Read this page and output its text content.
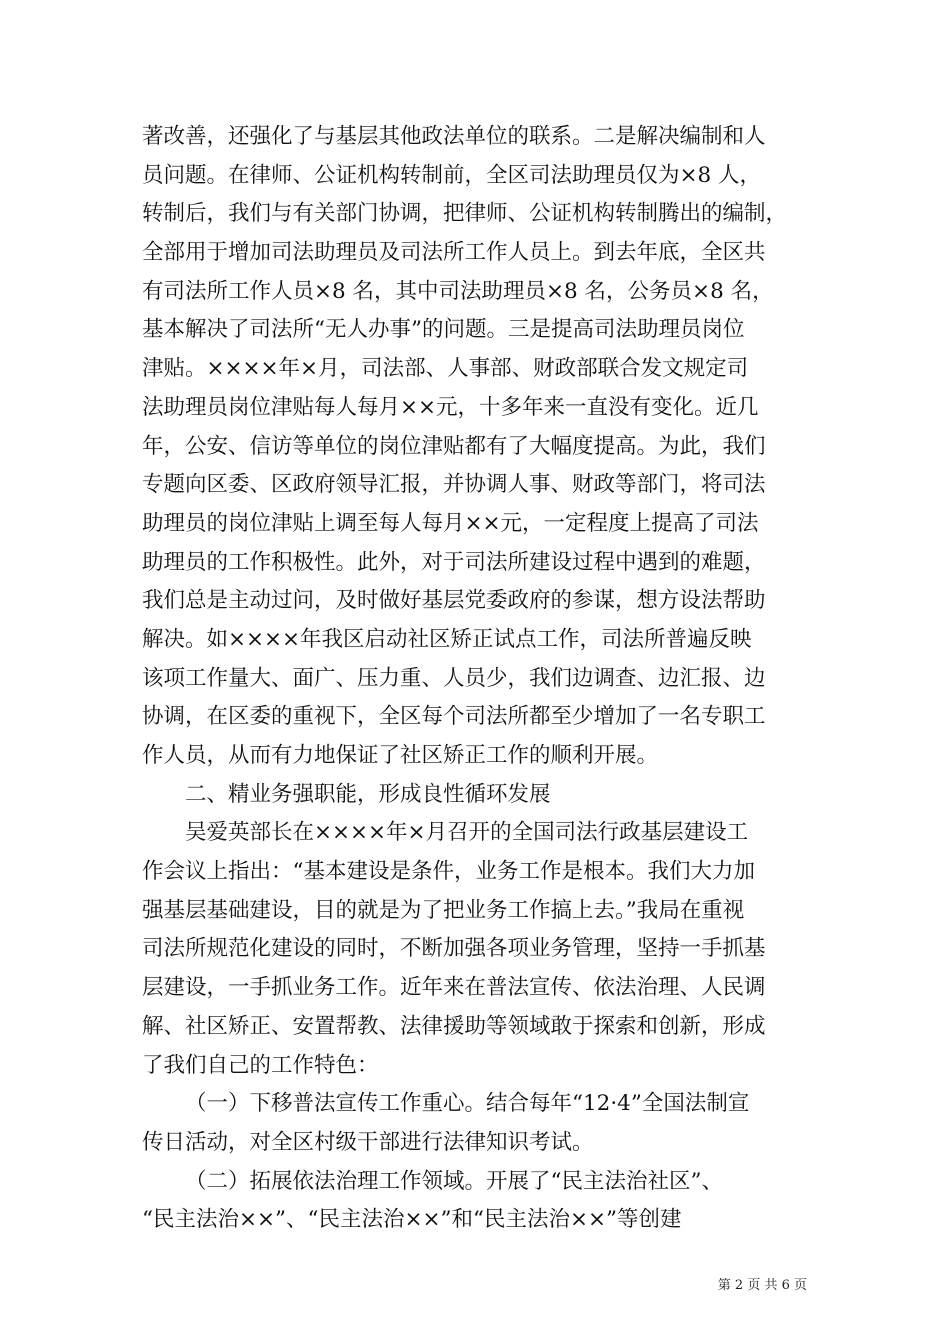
著改善，还强化了与基层其他政法单位的联系。二是解决编制和人
员问题。在律师、公证机构转制前，全区司法助理员仅为×8 人，
转制后，我们与有关部门协调，把律师、公证机构转制腾出的编制，
全部用于增加司法助理员及司法所工作人员上。到去年底，全区共
有司法所工作人员×8 名，其中司法助理员×8 名，公务员×8 名，
基本解决了司法所“无人办事”的问题。三是提高司法助理员岗位
津贴。××××年×月，司法部、人事部、财政部联合发文规定司
法助理员岗位津贴每人每月××元，十多年来一直没有变化。近几
年，公安、信访等单位的岗位津贴都有了大幅度提高。为此，我们
专题向区委、区政府领导汇报，并协调人事、财政等部门，将司法
助理员的岗位津贴上调至每人每月××元，一定程度上提高了司法
助理员的工作积极性。此外，对于司法所建设过程中遇到的难题，
我们总是主动过问，及时做好基层党委政府的参谋，想方设法帮助
解决。如××××年我区启动社区矫正试点工作，司法所普遍反映
该项工作量大、面广、压力重、人员少，我们边调查、边汇报、边
协调，在区委的重视下，全区每个司法所都至少增加了一名专职工
作人员，从而有力地保证了社区矫正工作的顺利开展。
二、精业务强职能，形成良性循环发展
吴爱英部长在××××年×月召开的全国司法行政基层建设工
作会议上指出：“基本建设是条件，业务工作是根本。我们大力加
强基层基础建设，目的就是为了把业务工作搞上去。”我局在重视
司法所规范化建设的同时，不断加强各项业务管理，坚持一手抓基
层建设，一手抓业务工作。近年来在普法宣传、依法治理、人民调
解、社区矫正、安置帮教、法律援助等领域敢于探索和创新，形成
了我们自己的工作特色：
（一）下移普法宣传工作重心。结合每年“12·4”全国法制宣
传日活动，对全区村级干部进行法律知识考试。
（二）拓展依法治理工作领域。开展了“民主法治社区”、
“民主法治××”、“民主法治××”和“民主法治××”等创建
第 2 页 共 6 页
